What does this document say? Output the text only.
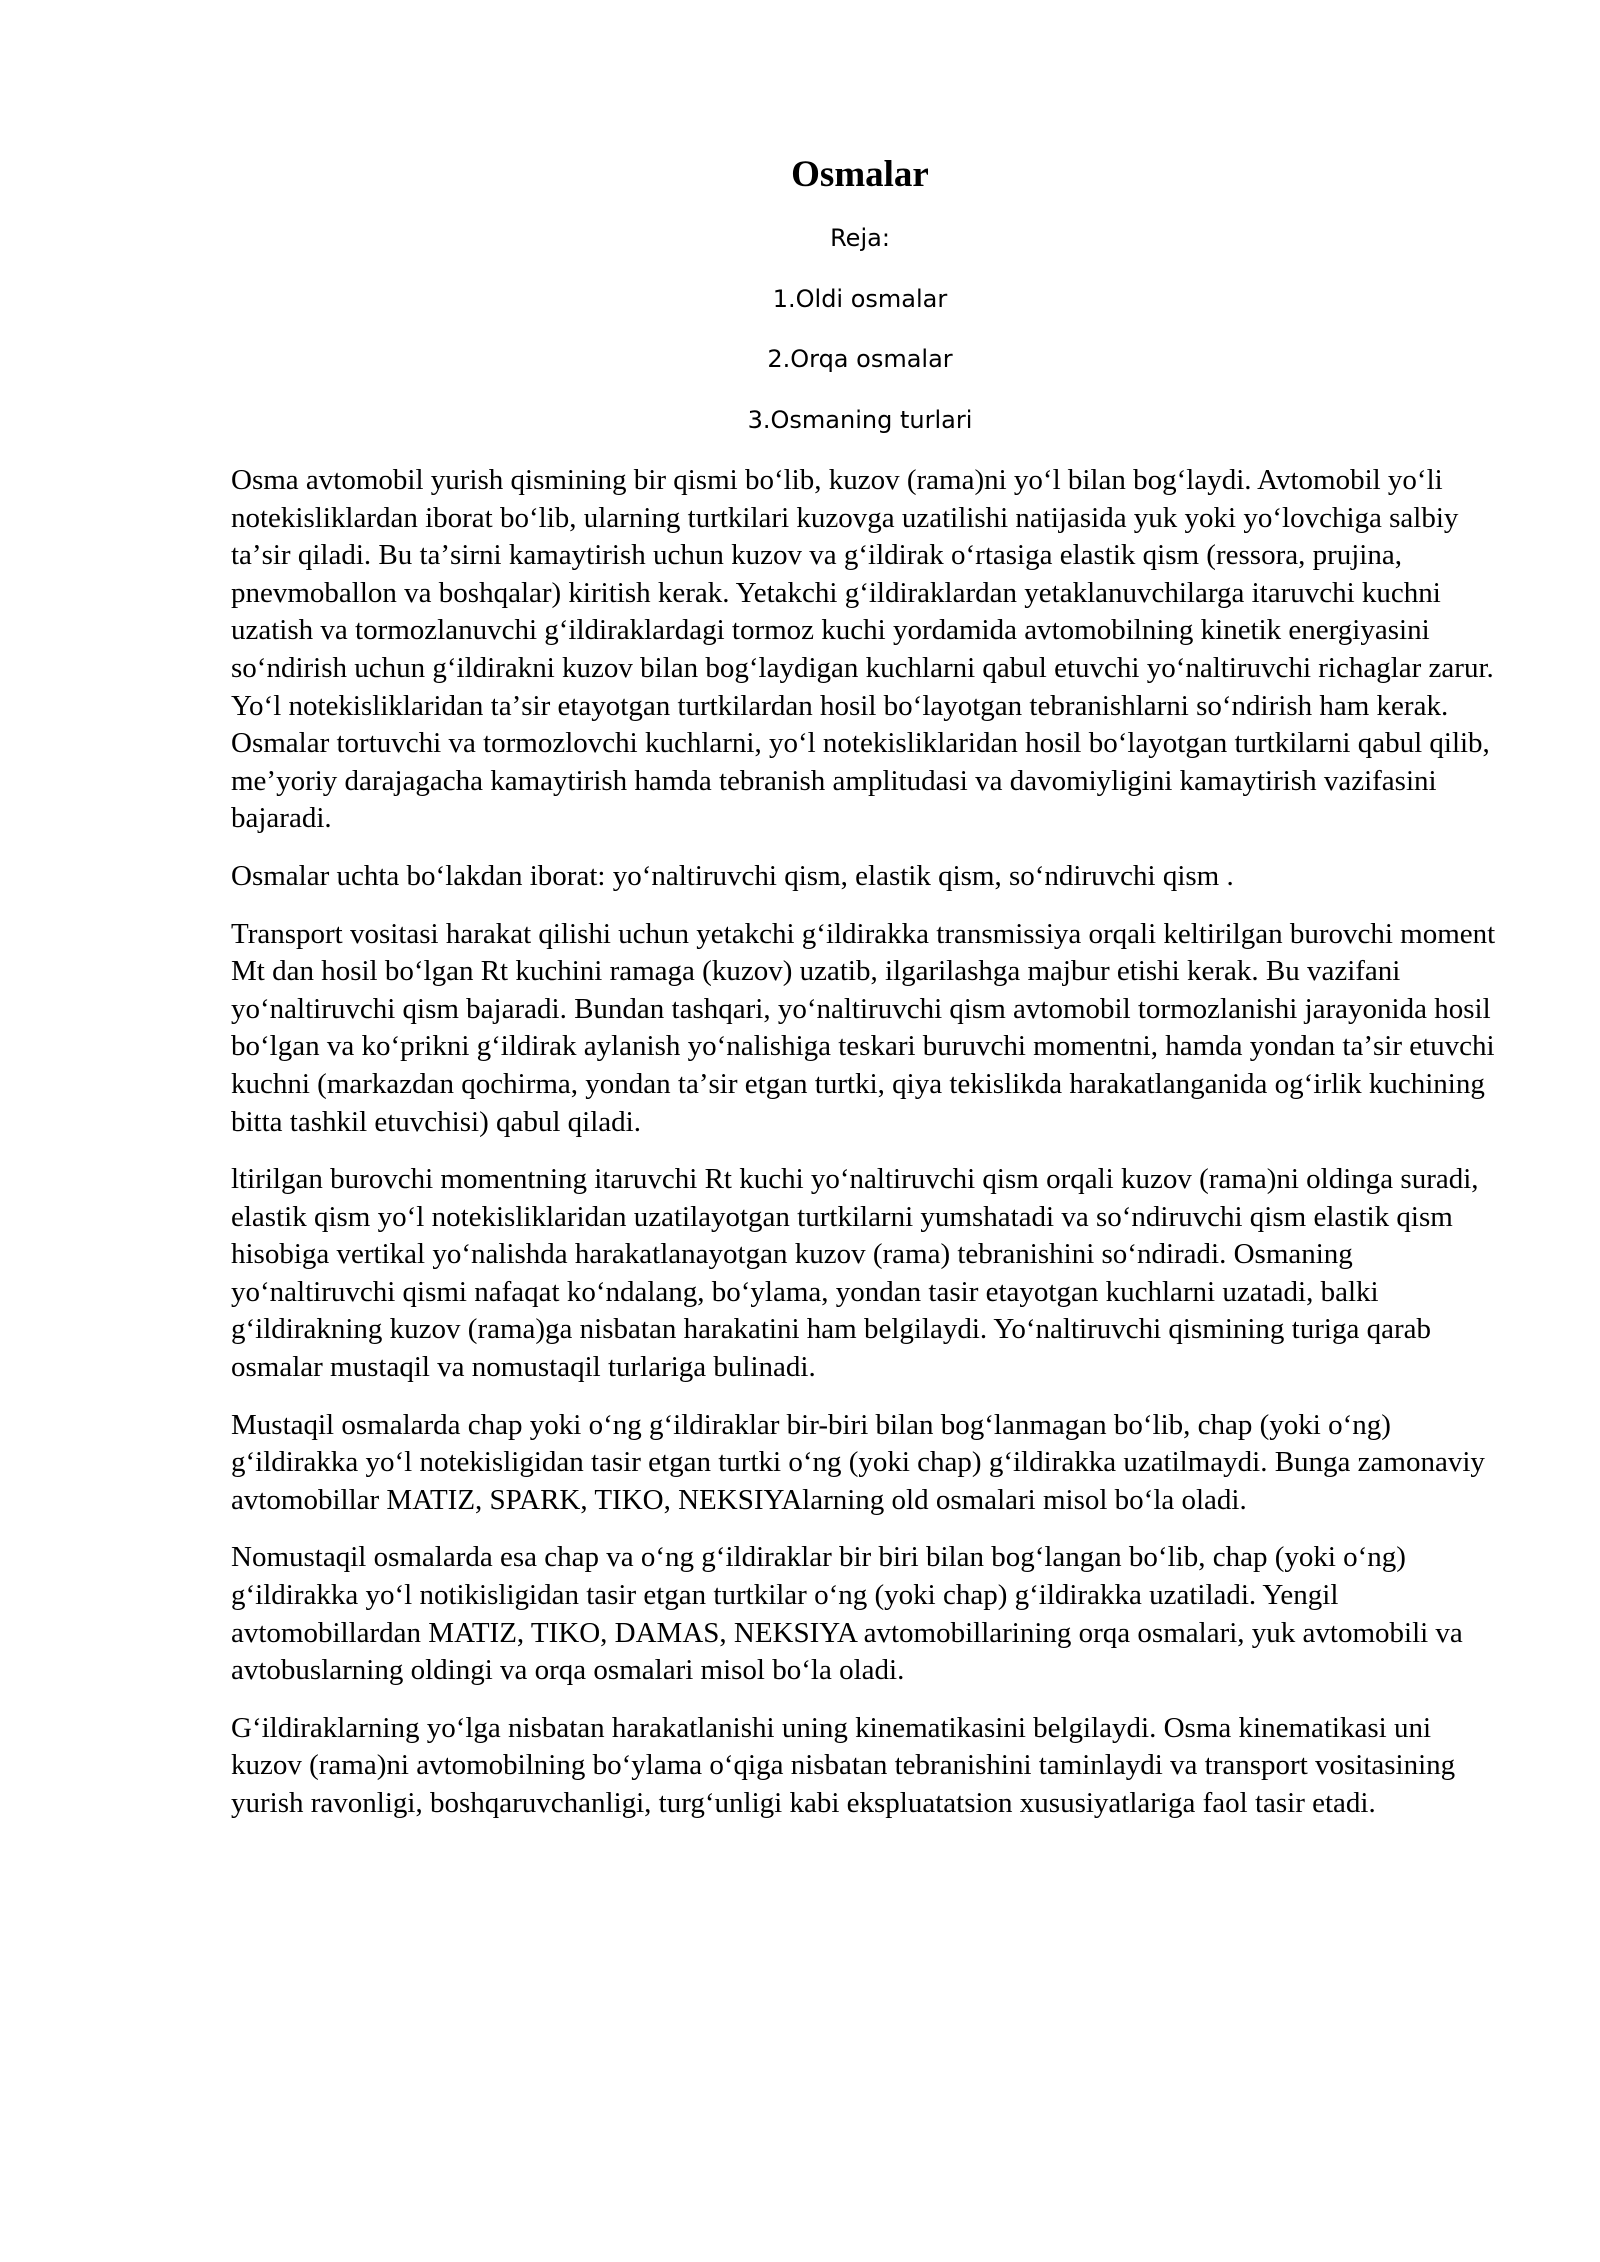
Osmalar

Reja:

1.Oldi osmalar

2.Orqa osmalar

3.Osmaning turlari

Osma avtomobil yurish qismining bir qismi boʻlib, kuzov (rama)ni yoʻl bilan bogʻlaydi. Avtomobil yoʻli notekisliklardan iborat boʻlib, ularning turtkilari kuzovga uzatilishi natijasida yuk yoki yoʻlovchiga salbiy taʼsir qiladi. Bu taʼsirni kamaytirish uchun kuzov va gʻildirak oʻrtasiga elastik qism (ressora, prujina, pnevmoballon va boshqalar) kiritish kerak. Yetakchi gʻildiraklardan yetaklanuvchilarga itaruvchi kuchni uzatish va tormozlanuvchi gʻildiraklardagi tormoz kuchi yordamida avtomobilning kinetik energiyasini soʻndirish uchun gʻildirakni kuzov bilan bogʻlaydigan kuchlarni qabul etuvchi yoʻnaltiruvchi richaglar zarur. Yoʻl notekisliklaridan taʼsir etayotgan turtkilardan hosil boʻlayotgan tebranishlarni soʻndirish ham kerak. Osmalar tortuvchi va tormozlovchi kuchlarni, yoʻl notekisliklaridan hosil boʻlayotgan turtkilarni qabul qilib, meʼyoriy darajagacha kamaytirish hamda tebranish amplitudasi va davomiyligini kamaytirish vazifasini bajaradi.

Osmalar uchta boʻlakdan iborat: yoʻnaltiruvchi qism, elastik qism, soʻndiruvchi qism .

Transport vositasi harakat qilishi uchun yetakchi gʻildirakka transmissiya orqali keltirilgan burovchi moment Mt dan hosil boʻlgan Rt kuchini ramaga (kuzov) uzatib, ilgarilashga majbur etishi kerak. Bu vazifani yoʻnaltiruvchi qism bajaradi. Bundan tashqari, yoʻnaltiruvchi qism avtomobil tormozlanishi jarayonida hosil boʻlgan va koʻprikni gʻildirak aylanish yoʻnalishiga teskari buruvchi momentni, hamda yondan taʼsir etuvchi kuchni (markazdan qochirma, yondan taʼsir etgan turtki, qiya tekislikda harakatlanganida ogʻirlik kuchining bitta tashkil etuvchisi) qabul qiladi.

ltirilgan burovchi momentning itaruvchi Rt kuchi yoʻnaltiruvchi qism orqali kuzov (rama)ni oldinga suradi, elastik qism yoʻl notekisliklaridan uzatilayotgan turtkilarni yumshatadi va soʻndiruvchi qism elastik qism hisobiga vertikal yoʻnalishda harakatlanayotgan kuzov (rama) tebranishini soʻndiradi. Osmaning yoʻnaltiruvchi qismi nafaqat koʻndalang, boʻylama, yondan tasir etayotgan kuchlarni uzatadi, balki gʻildirakning kuzov (rama)ga nisbatan harakatini ham belgilaydi. Yoʻnaltiruvchi qismining turiga qarab osmalar mustaqil va nomustaqil turlariga bulinadi.

Mustaqil osmalarda chap yoki oʻng gʻildiraklar bir-biri bilan bogʻlanmagan boʻlib, chap (yoki oʻng) gʻildirakka yoʻl notekisligidan tasir etgan turtki oʻng (yoki chap) gʻildirakka uzatilmaydi. Bunga zamonaviy avtomobillar MATIZ, SPARK, TIKO, NEKSIYAlarning old osmalari misol boʻla oladi.

Nomustaqil osmalarda esa chap va oʻng gʻildiraklar bir biri bilan bogʻlangan boʻlib, chap (yoki oʻng) gʻildirakka yoʻl notikisligidan tasir etgan turtkilar oʻng (yoki chap) gʻildirakka uzatiladi. Yengil avtomobillardan MATIZ, TIKO, DAMAS, NEKSIYA avtomobillarining orqa osmalari, yuk avtomobili va avtobuslarning oldingi va orqa osmalari misol boʻla oladi.

Gʻildiraklarning yoʻlga nisbatan harakatlanishi uning kinematikasini belgilaydi. Osma kinematikasi uni kuzov (rama)ni avtomobilning boʻylama oʻqiga nisbatan tebranishini taminlaydi va transport vositasining yurish ravonligi, boshqaruvchanligi, turgʻunligi kabi ekspluatatsion xususiyatlariga faol tasir etadi.
